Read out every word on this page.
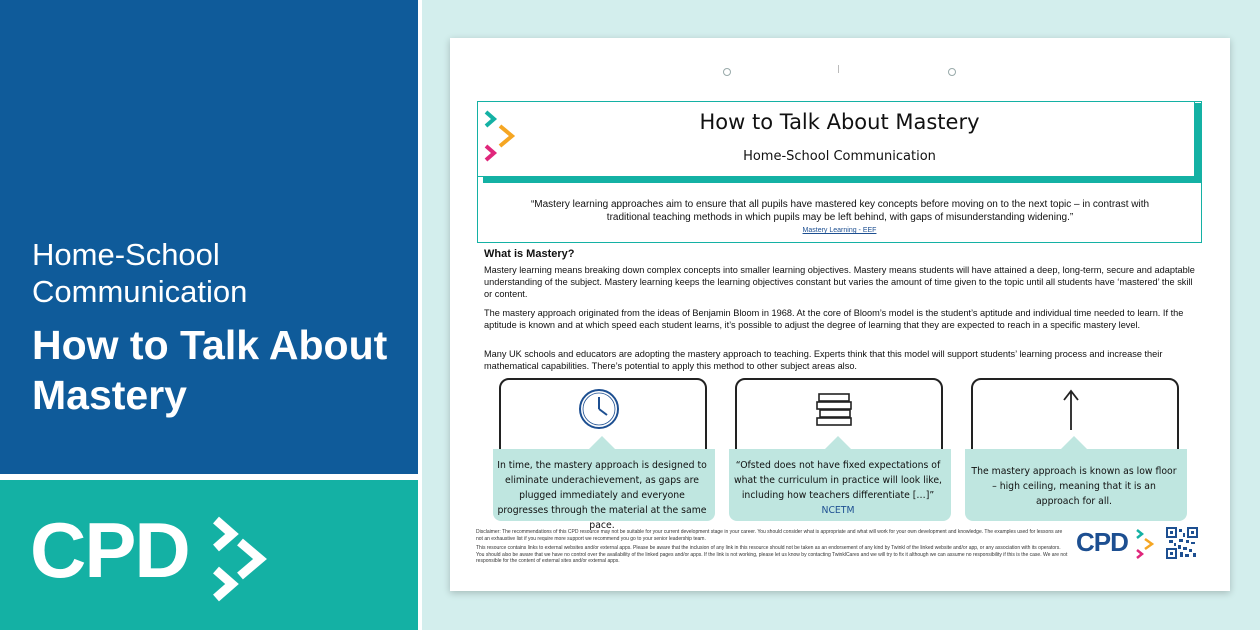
Home-School Communication
How to Talk About Mastery
CPD
How to Talk About Mastery
Home-School Communication
“Mastery learning approaches aim to ensure that all pupils have mastered key concepts before moving on to the next topic – in contrast with traditional teaching methods in which pupils may be left behind, with gaps of misunderstanding widening.”
Mastery Learning - EEF
What is Mastery?
Mastery learning means breaking down complex concepts into smaller learning objectives. Mastery means students will have attained a deep, long-term, secure and adaptable understanding of the subject. Mastery learning keeps the learning objectives constant but varies the amount of time given to the topic until all students have ‘mastered’ the skill or content.
The mastery approach originated from the ideas of Benjamin Bloom in 1968. At the core of Bloom’s model is the student’s aptitude and individual time needed to learn. If the aptitude is known and at which speed each student learns, it’s possible to adjust the degree of learning that they are expected to reach in a specific mastery level.
Many UK schools and educators are adopting the mastery approach to teaching. Experts think that this model will support students’ learning process and increase their mathematical capabilities. There’s potential to apply this method to other subject areas also.
In time, the mastery approach is designed to eliminate underachievement, as gaps are plugged immediately and everyone progresses through the material at the same pace.
“Ofsted does not have fixed expectations of what the curriculum in practice will look like, including how teachers differentiate […]”
NCETM
The mastery approach is known as low floor – high ceiling, meaning that it is an approach for all.
Disclaimer: The recommendations of this CPD resource may not be suitable for your current development stage in your career. You should consider what is appropriate and what will work for your own development and knowledge. The examples used for lessons are not an exhaustive list if you require more support we recommend you go to your senior leadership team.
This resource contains links to external websites and/or external apps. Please be aware that the inclusion of any link in this resource should not be taken as an endorsement of any kind by Twinkl of the linked website and/or app, or any association with its operators. You should also be aware that we have no control over the availability of the linked pages and/or apps. If the link is not working, please let us know by contacting TwinklCares and we will try to fix it although we can assume no responsibility if this is the case. We are not responsible for the content of external sites and/or external apps.
CPD
